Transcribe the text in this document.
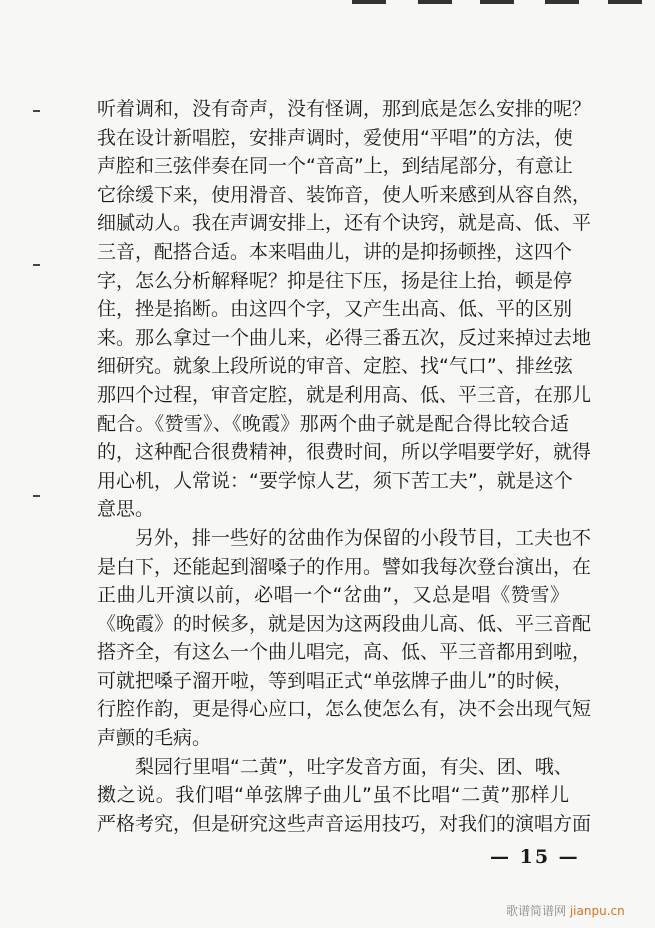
听着调和，没有奇声，没有怪调，那到底是怎么安排的呢？
我在设计新唱腔，安排声调时，爱使用“平唱”的方法，使
声腔和三弦伴奏在同一个“音高”上，到结尾部分，有意让
它徐缓下来，使用滑音、装饰音，使人听来感到从容自然，
细腻动人。我在声调安排上，还有个诀窍，就是高、低、平
三音，配搭合适。本来唱曲儿，讲的是抑扬顿挫，这四个
字，怎么分析解释呢？抑是往下压，扬是往上抬，顿是停
住，挫是掐断。由这四个字，又产生出高、低、平的区别
来。那么拿过一个曲儿来，必得三番五次，反过来掉过去地
细研究。就象上段所说的审音、定腔、找“气口”、排丝弦
那四个过程，审音定腔，就是利用高、低、平三音，在那儿
配合。《赞雪》、《晚霞》那两个曲子就是配合得比较合适
的，这种配合很费精神，很费时间，所以学唱要学好，就得
用心机，人常说：“要学惊人艺，须下苦工夫”，就是这个
意思。
　　另外，排一些好的岔曲作为保留的小段节目，工夫也不
是白下，还能起到溜嗓子的作用。譬如我每次登台演出，在
正曲儿开演以前，必唱一个“岔曲”，又总是唱《赞雪》
《晚霞》的时候多，就是因为这两段曲儿高、低、平三音配
搭齐全，有这么一个曲儿唱完，高、低、平三音都用到啦，
可就把嗓子溜开啦，等到唱正式“单弦牌子曲儿”的时候，
行腔作韵，更是得心应口，怎么使怎么有，决不会出现气短
声颤的毛病。
　　梨园行里唱“二黄”，吐字发音方面，有尖、团、哦、
擞之说。我们唱“单弦牌子曲儿”虽不比唱“二黄”那样儿
严格考究，但是研究这些声音运用技巧，对我们的演唱方面
— 15 —
歌谱简谱网 jianpu.cn
